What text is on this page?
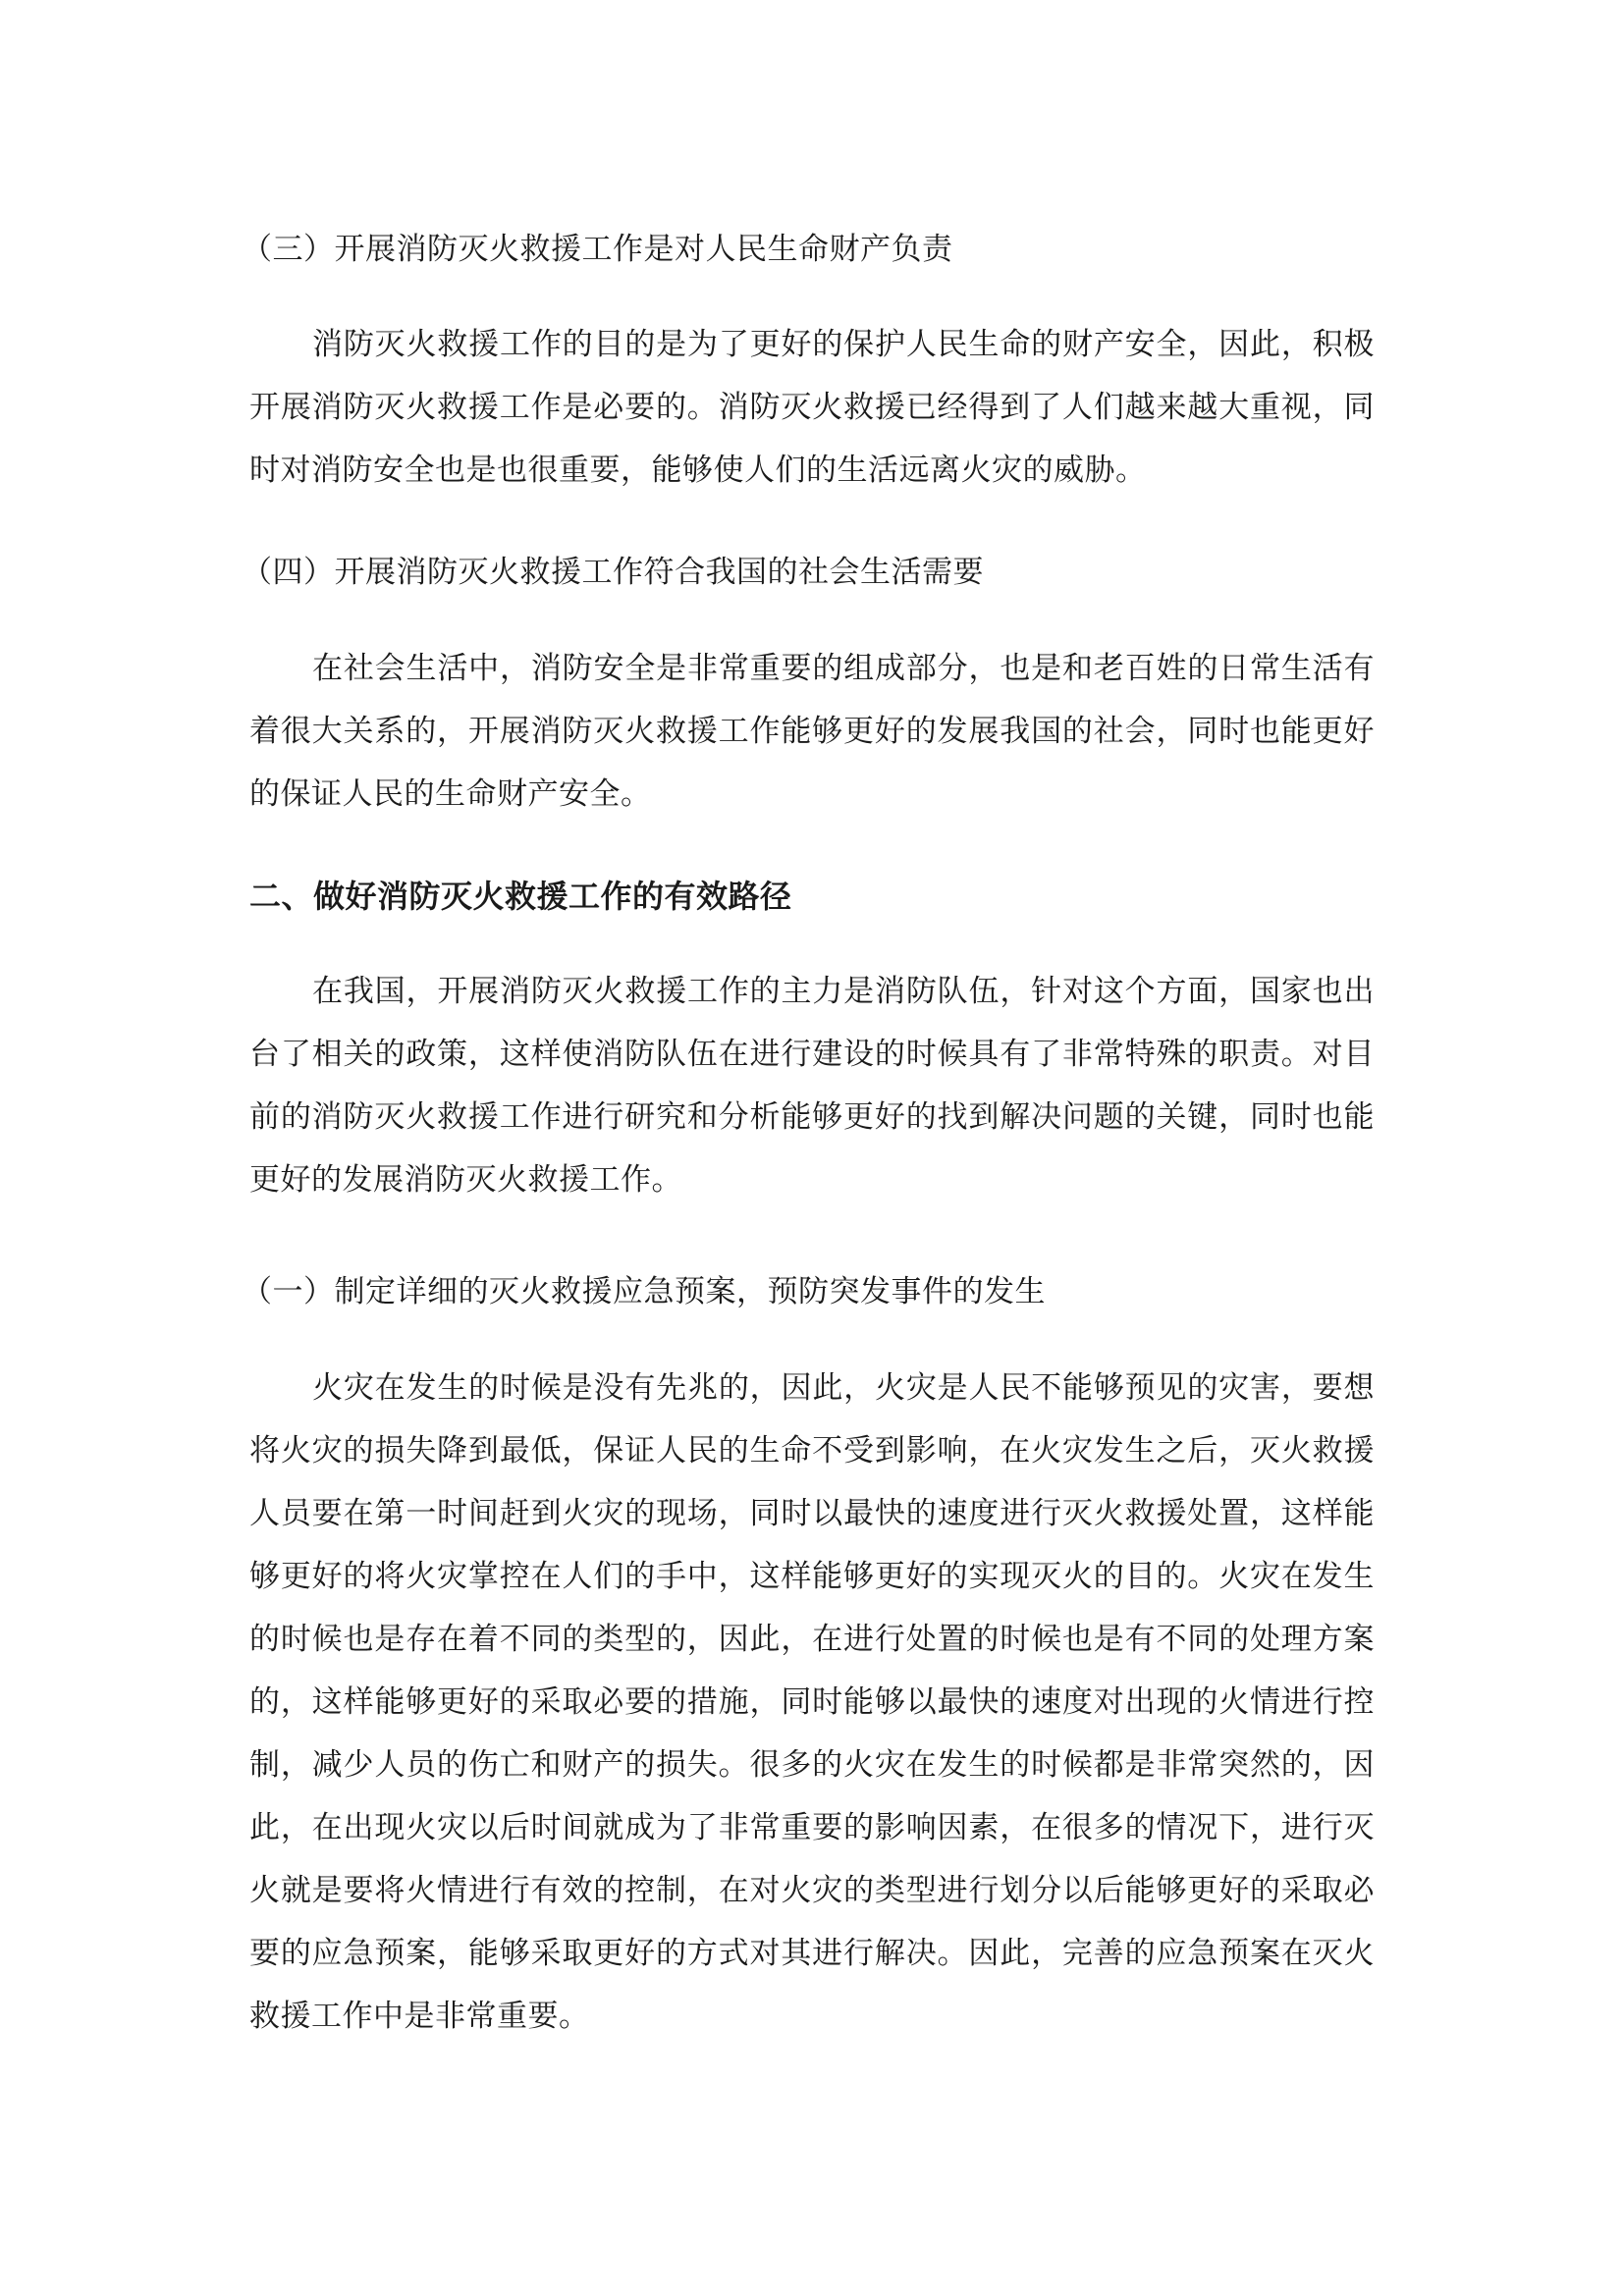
（三）开展消防灭火救援工作是对人民生命财产负责

消防灭火救援工作的目的是为了更好的保护人民生命的财产安全，因此，积极开展消防灭火救援工作是必要的。消防灭火救援已经得到了人们越来越大重视，同时对消防安全也是也很重要，能够使人们的生活远离火灾的威胁。

（四）开展消防灭火救援工作符合我国的社会生活需要

在社会生活中，消防安全是非常重要的组成部分，也是和老百姓的日常生活有着很大关系的，开展消防灭火救援工作能够更好的发展我国的社会，同时也能更好的保证人民的生命财产安全。

二、做好消防灭火救援工作的有效路径

在我国，开展消防灭火救援工作的主力是消防队伍，针对这个方面，国家也出台了相关的政策，这样使消防队伍在进行建设的时候具有了非常特殊的职责。对目前的消防灭火救援工作进行研究和分析能够更好的找到解决问题的关键，同时也能更好的发展消防灭火救援工作。

（一）制定详细的灭火救援应急预案，预防突发事件的发生

火灾在发生的时候是没有先兆的，因此，火灾是人民不能够预见的灾害，要想将火灾的损失降到最低，保证人民的生命不受到影响，在火灾发生之后，灭火救援人员要在第一时间赶到火灾的现场，同时以最快的速度进行灭火救援处置，这样能够更好的将火灾掌控在人们的手中，这样能够更好的实现灭火的目的。火灾在发生的时候也是存在着不同的类型的，因此，在进行处置的时候也是有不同的处理方案的，这样能够更好的采取必要的措施，同时能够以最快的速度对出现的火情进行控制，减少人员的伤亡和财产的损失。很多的火灾在发生的时候都是非常突然的，因此，在出现火灾以后时间就成为了非常重要的影响因素，在很多的情况下，进行灭火就是要将火情进行有效的控制，在对火灾的类型进行划分以后能够更好的采取必要的应急预案，能够采取更好的方式对其进行解决。因此，完善的应急预案在灭火救援工作中是非常重要。
